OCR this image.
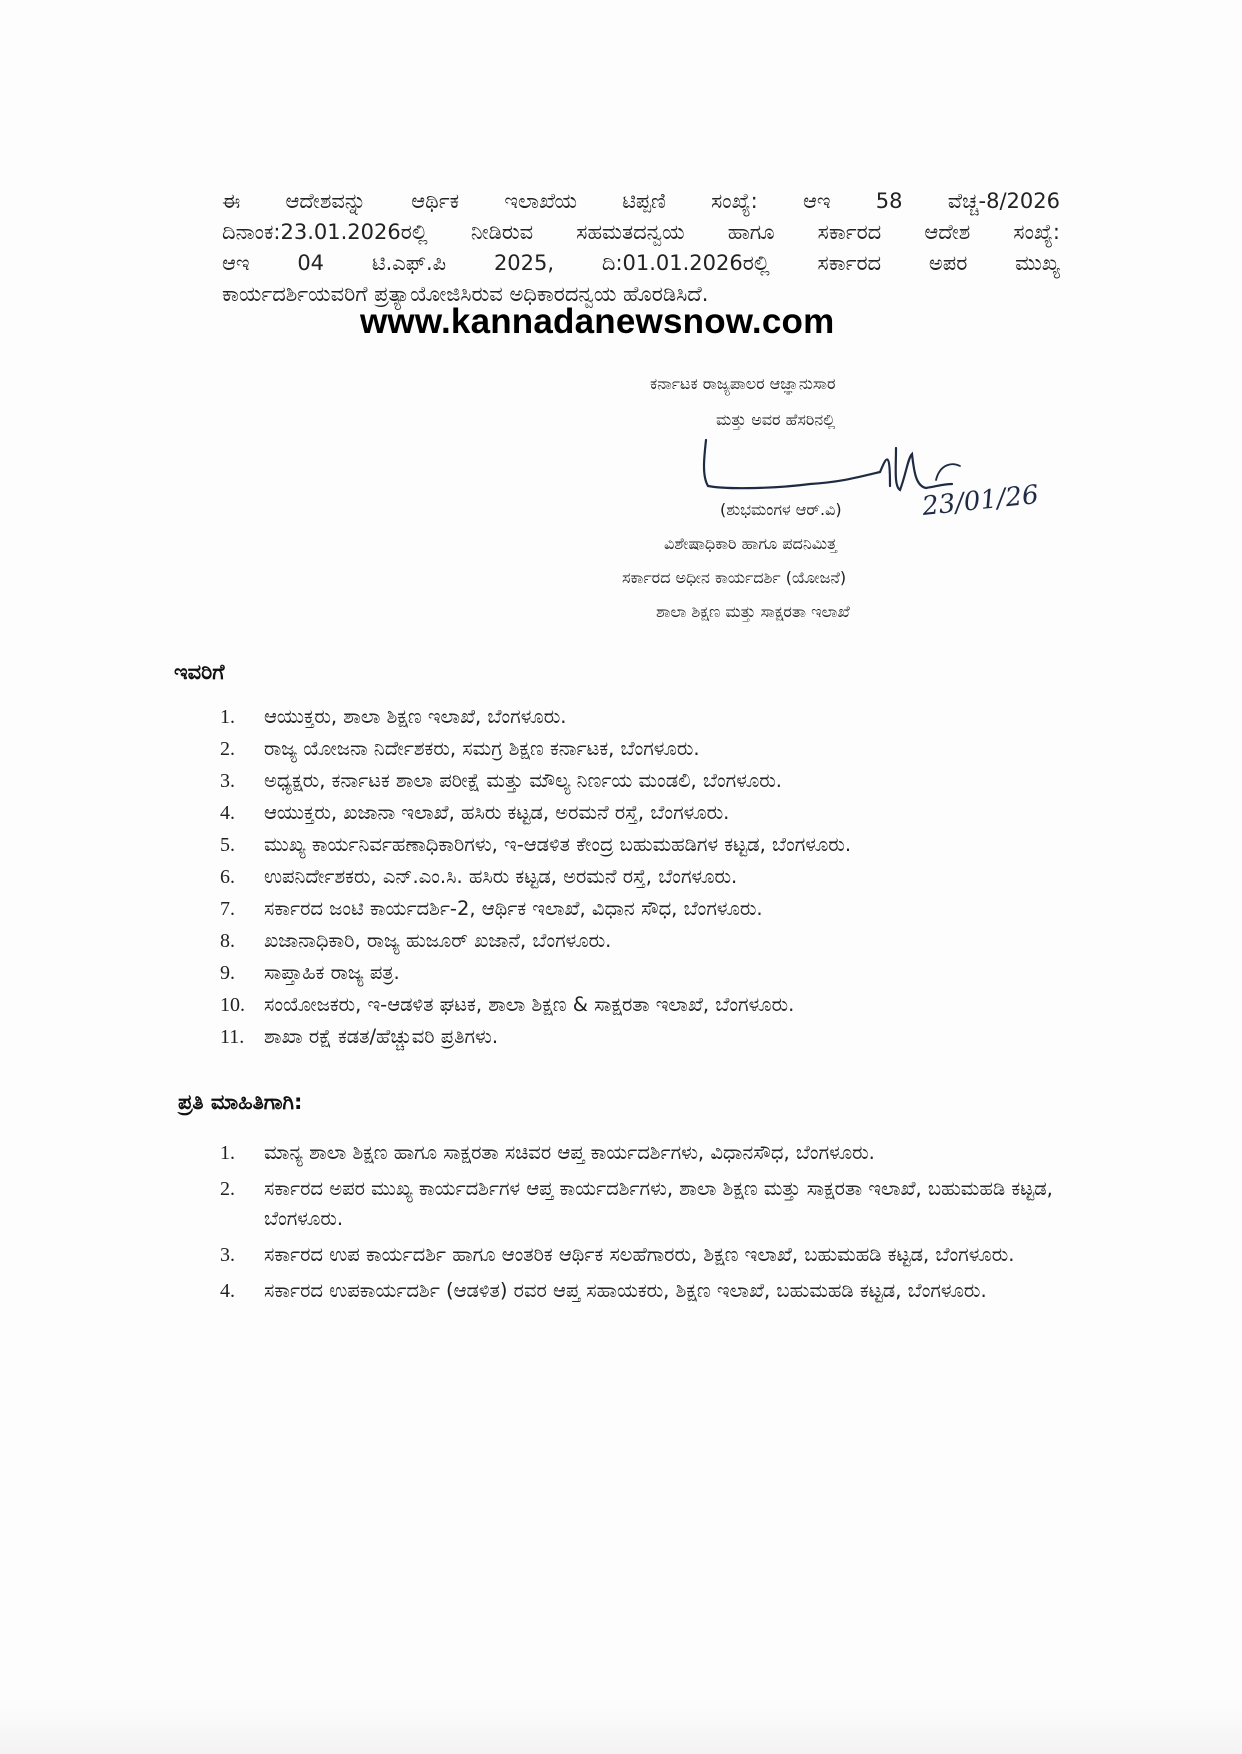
ಈ ಆದೇಶವನ್ನು ಆರ್ಥಿಕ ಇಲಾಖೆಯ ಟಿಪ್ಪಣಿ ಸಂಖ್ಯೆ: ಆಇ 58 ವೆಚ್ಚ-8/2026
ದಿನಾಂಕ:23.01.2026ರಲ್ಲಿ ನೀಡಿರುವ ಸಹಮತದನ್ವಯ ಹಾಗೂ ಸರ್ಕಾರದ ಆದೇಶ ಸಂಖ್ಯೆ:
ಆಇ 04 ಟಿ.ಎಫ್.ಪಿ 2025, ದಿ:01.01.2026ರಲ್ಲಿ ಸರ್ಕಾರದ ಅಪರ ಮುಖ್ಯ
ಕಾರ್ಯದರ್ಶಿಯವರಿಗೆ ಪ್ರತ್ಯಾಯೋಜಿಸಿರುವ ಅಧಿಕಾರದನ್ವಯ ಹೊರಡಿಸಿದೆ.
www.kannadanewsnow.com
ಕರ್ನಾಟಕ ರಾಜ್ಯಪಾಲರ ಆಜ್ಞಾನುಸಾರ
ಮತ್ತು ಅವರ ಹೆಸರಿನಲ್ಲಿ
23/01/26
(ಶುಭಮಂಗಳ ಆರ್.ವಿ)
ವಿಶೇಷಾಧಿಕಾರಿ ಹಾಗೂ ಪದನಿಮಿತ್ತ
ಸರ್ಕಾರದ ಅಧೀನ ಕಾರ್ಯದರ್ಶಿ (ಯೋಜನೆ)
ಶಾಲಾ ಶಿಕ್ಷಣ ಮತ್ತು ಸಾಕ್ಷರತಾ ಇಲಾಖೆ
ಇವರಿಗೆ
1.	ಆಯುಕ್ತರು, ಶಾಲಾ ಶಿಕ್ಷಣ ಇಲಾಖೆ, ಬೆಂಗಳೂರು.
2.	ರಾಜ್ಯ ಯೋಜನಾ ನಿರ್ದೇಶಕರು, ಸಮಗ್ರ ಶಿಕ್ಷಣ ಕರ್ನಾಟಕ, ಬೆಂಗಳೂರು.
3.	ಅಧ್ಯಕ್ಷರು, ಕರ್ನಾಟಕ ಶಾಲಾ ಪರೀಕ್ಷೆ ಮತ್ತು ಮೌಲ್ಯ ನಿರ್ಣಯ ಮಂಡಲಿ, ಬೆಂಗಳೂರು.
4.	ಆಯುಕ್ತರು, ಖಜಾನಾ ಇಲಾಖೆ, ಹಸಿರು ಕಟ್ಟಡ, ಅರಮನೆ ರಸ್ತೆ, ಬೆಂಗಳೂರು.
5.	ಮುಖ್ಯ ಕಾರ್ಯನಿರ್ವಹಣಾಧಿಕಾರಿಗಳು, ಇ-ಆಡಳಿತ ಕೇಂದ್ರ ಬಹುಮಹಡಿಗಳ ಕಟ್ಟಡ, ಬೆಂಗಳೂರು.
6.	ಉಪನಿರ್ದೇಶಕರು, ಎನ್.ಎಂ.ಸಿ. ಹಸಿರು ಕಟ್ಟಡ, ಅರಮನೆ ರಸ್ತೆ, ಬೆಂಗಳೂರು.
7.	ಸರ್ಕಾರದ ಜಂಟಿ ಕಾರ್ಯದರ್ಶಿ-2, ಆರ್ಥಿಕ ಇಲಾಖೆ, ವಿಧಾನ ಸೌಧ, ಬೆಂಗಳೂರು.
8.	ಖಜಾನಾಧಿಕಾರಿ, ರಾಜ್ಯ ಹುಜೂರ್ ಖಜಾನೆ, ಬೆಂಗಳೂರು.
9.	ಸಾಪ್ತಾಹಿಕ ರಾಜ್ಯ ಪತ್ರ.
10. ಸಂಯೋಜಕರು, ಇ-ಆಡಳಿತ ಘಟಕ, ಶಾಲಾ ಶಿಕ್ಷಣ & ಸಾಕ್ಷರತಾ ಇಲಾಖೆ, ಬೆಂಗಳೂರು.
11.	ಶಾಖಾ ರಕ್ಷೆ ಕಡತ/ಹೆಚ್ಚುವರಿ ಪ್ರತಿಗಳು.
ಪ್ರತಿ ಮಾಹಿತಿಗಾಗಿ:
1.	ಮಾನ್ಯ ಶಾಲಾ ಶಿಕ್ಷಣ ಹಾಗೂ ಸಾಕ್ಷರತಾ ಸಚಿವರ ಆಪ್ತ ಕಾರ್ಯದರ್ಶಿಗಳು, ವಿಧಾನಸೌಧ, ಬೆಂಗಳೂರು.
2.	ಸರ್ಕಾರದ ಅಪರ ಮುಖ್ಯ ಕಾರ್ಯದರ್ಶಿಗಳ ಆಪ್ತ ಕಾರ್ಯದರ್ಶಿಗಳು, ಶಾಲಾ ಶಿಕ್ಷಣ ಮತ್ತು ಸಾಕ್ಷರತಾ ಇಲಾಖೆ, ಬಹುಮಹಡಿ ಕಟ್ಟಡ, ಬೆಂಗಳೂರು.
3.	ಸರ್ಕಾರದ ಉಪ ಕಾರ್ಯದರ್ಶಿ ಹಾಗೂ ಆಂತರಿಕ ಆರ್ಥಿಕ ಸಲಹೆಗಾರರು, ಶಿಕ್ಷಣ ಇಲಾಖೆ, ಬಹುಮಹಡಿ ಕಟ್ಟಡ, ಬೆಂಗಳೂರು.
4.	ಸರ್ಕಾರದ ಉಪಕಾರ್ಯದರ್ಶಿ (ಆಡಳಿತ) ರವರ ಆಪ್ತ ಸಹಾಯಕರು, ಶಿಕ್ಷಣ ಇಲಾಖೆ, ಬಹುಮಹಡಿ ಕಟ್ಟಡ, ಬೆಂಗಳೂರು.
